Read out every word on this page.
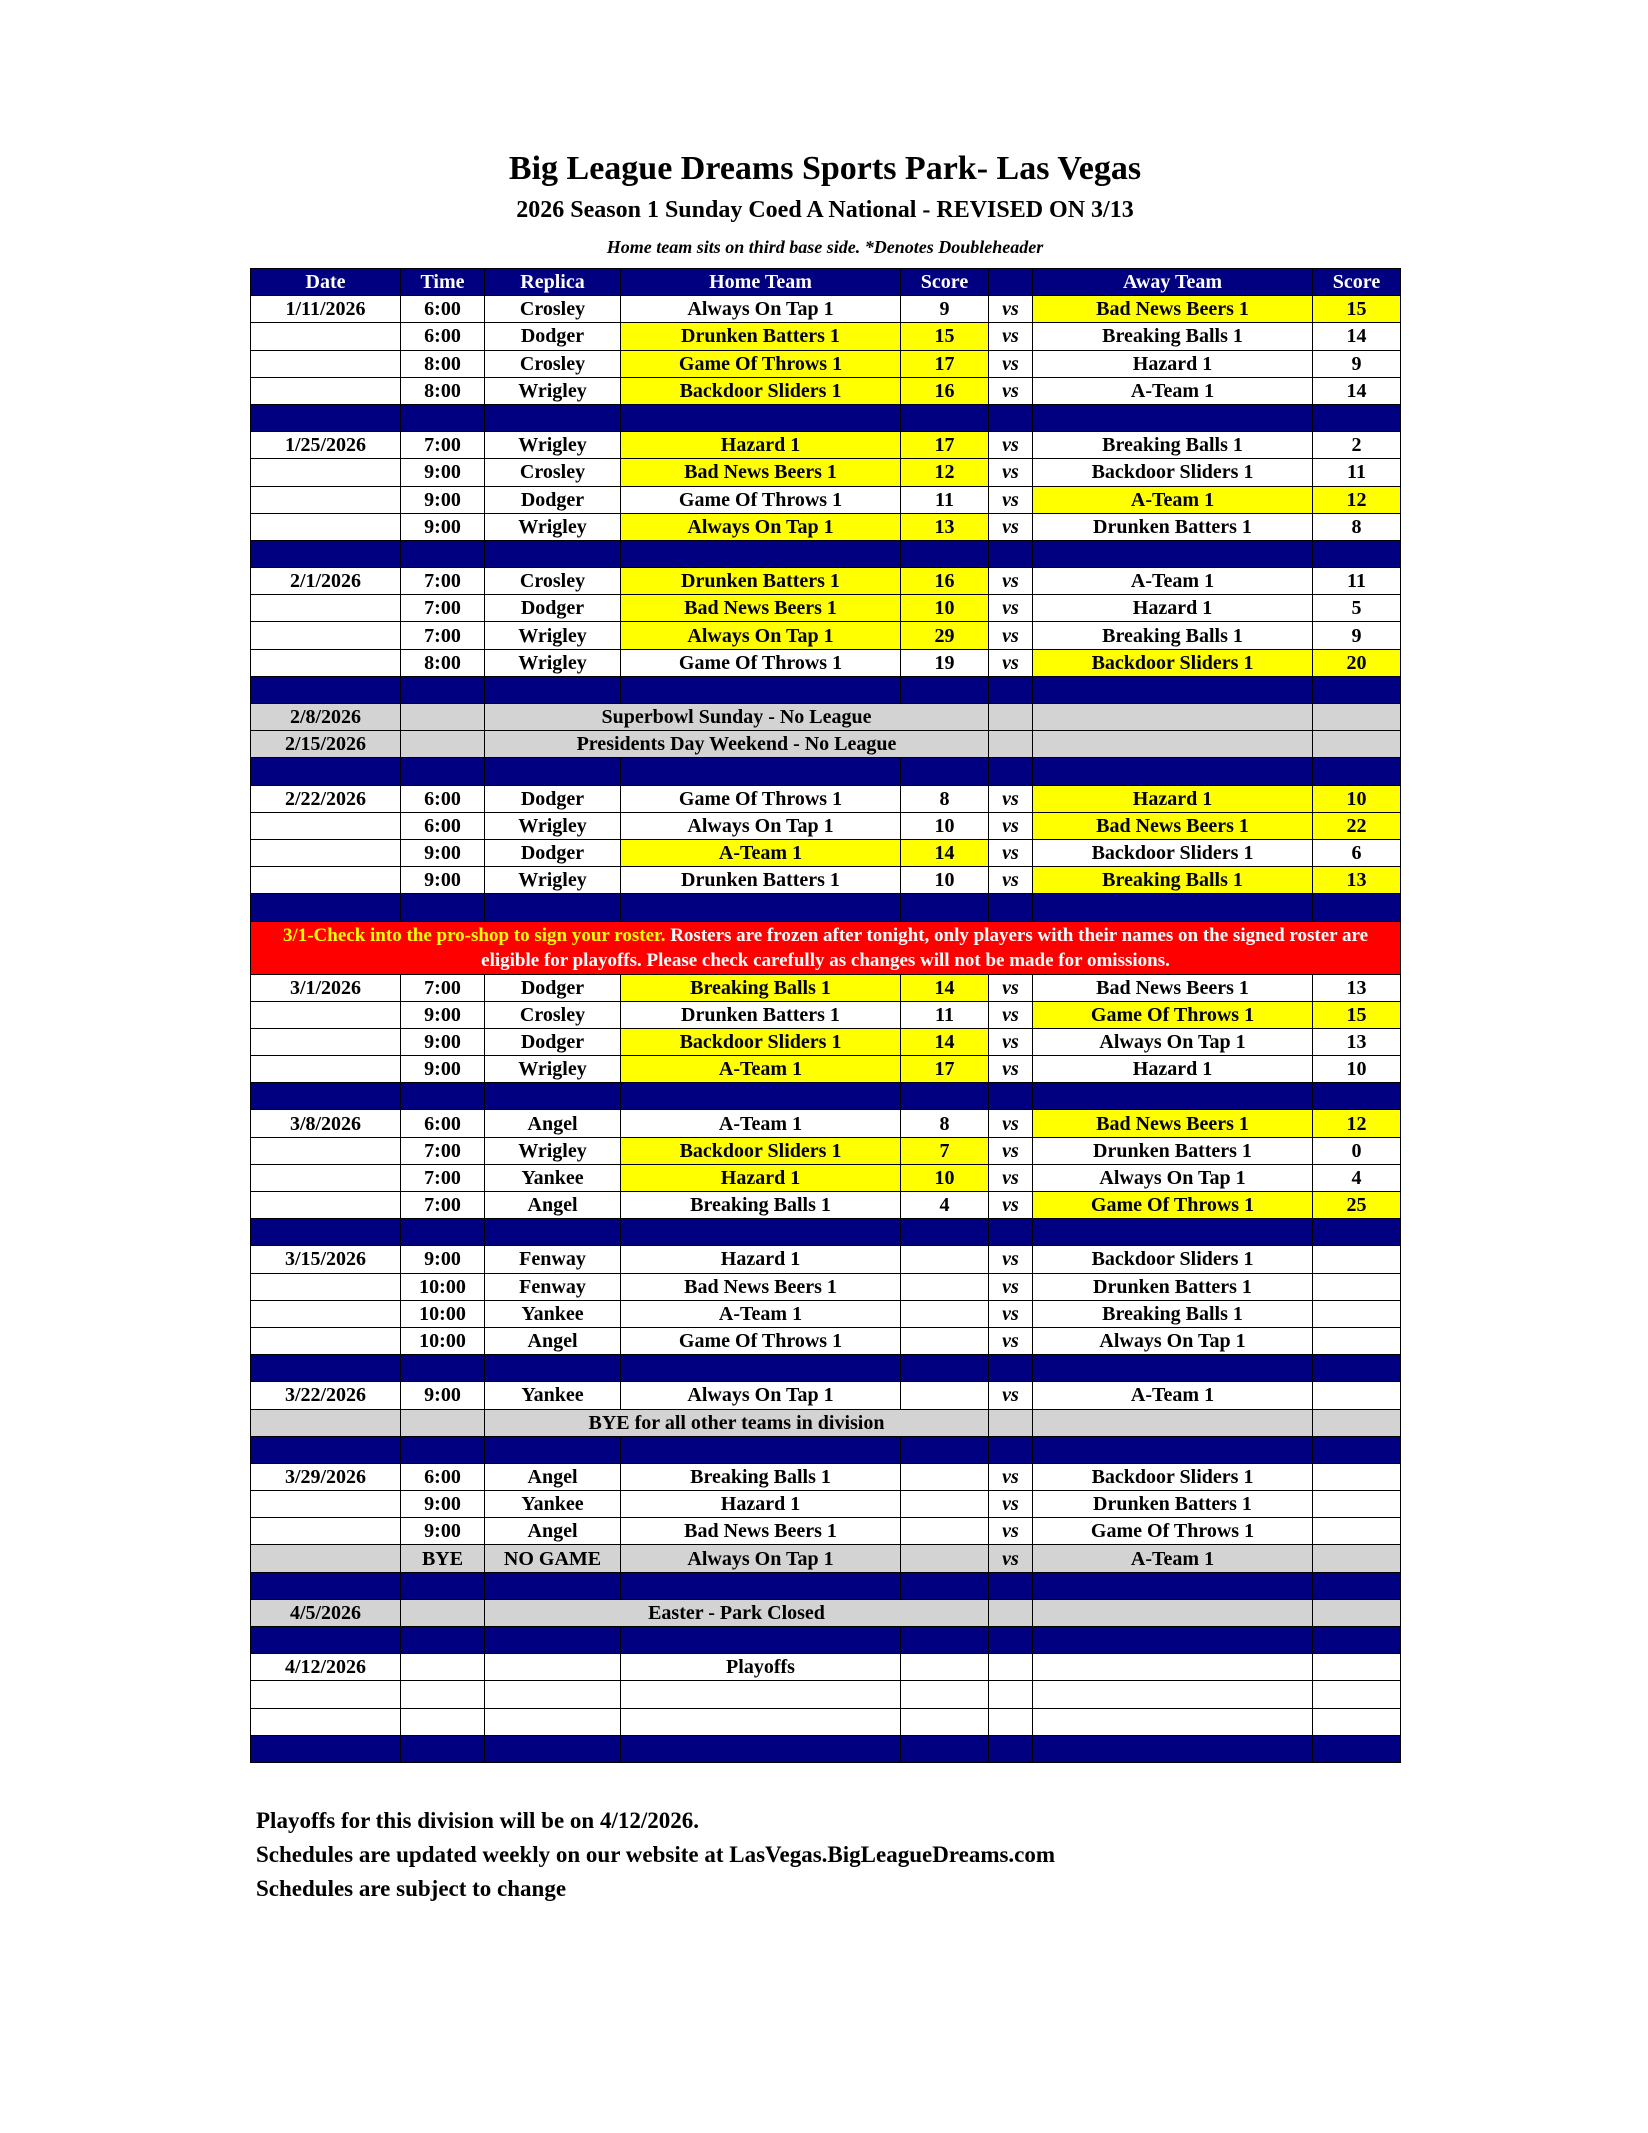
Big League Dreams Sports Park- Las Vegas
2026 Season 1 Sunday Coed A National - REVISED ON 3/13
Home team sits on third base side. *Denotes Doubleheader
Date	Time	Replica	Home Team	Score		Away Team	Score
1/11/2026	6:00	Crosley	Always On Tap 1	9	vs	Bad News Beers 1	15
	6:00	Dodger	Drunken Batters 1	15	vs	Breaking Balls 1	14
	8:00	Crosley	Game Of Throws 1	17	vs	Hazard 1	9
	8:00	Wrigley	Backdoor Sliders 1	16	vs	A-Team 1	14

1/25/2026	7:00	Wrigley	Hazard 1	17	vs	Breaking Balls 1	2
	9:00	Crosley	Bad News Beers 1	12	vs	Backdoor Sliders 1	11
	9:00	Dodger	Game Of Throws 1	11	vs	A-Team 1	12
	9:00	Wrigley	Always On Tap 1	13	vs	Drunken Batters 1	8

2/1/2026	7:00	Crosley	Drunken Batters 1	16	vs	A-Team 1	11
	7:00	Dodger	Bad News Beers 1	10	vs	Hazard 1	5
	7:00	Wrigley	Always On Tap 1	29	vs	Breaking Balls 1	9
	8:00	Wrigley	Game Of Throws 1	19	vs	Backdoor Sliders 1	20

2/8/2026		Superbowl Sunday - No League					
2/15/2026		Presidents Day Weekend - No League					

2/22/2026	6:00	Dodger	Game Of Throws 1	8	vs	Hazard 1	10
	6:00	Wrigley	Always On Tap 1	10	vs	Bad News Beers 1	22
	9:00	Dodger	A-Team 1	14	vs	Backdoor Sliders 1	6
	9:00	Wrigley	Drunken Batters 1	10	vs	Breaking Balls 1	13

3/1-Check into the pro-shop to sign your roster. Rosters are frozen after tonight, only players with their names on the signed roster are eligible for playoffs. Please check carefully as changes will not be made for omissions.							
3/1/2026	7:00	Dodger	Breaking Balls 1	14	vs	Bad News Beers 1	13
	9:00	Crosley	Drunken Batters 1	11	vs	Game Of Throws 1	15
	9:00	Dodger	Backdoor Sliders 1	14	vs	Always On Tap 1	13
	9:00	Wrigley	A-Team 1	17	vs	Hazard 1	10

3/8/2026	6:00	Angel	A-Team 1	8	vs	Bad News Beers 1	12
	7:00	Wrigley	Backdoor Sliders 1	7	vs	Drunken Batters 1	0
	7:00	Yankee	Hazard 1	10	vs	Always On Tap 1	4
	7:00	Angel	Breaking Balls 1	4	vs	Game Of Throws 1	25

3/15/2026	9:00	Fenway	Hazard 1		vs	Backdoor Sliders 1	
	10:00	Fenway	Bad News Beers 1		vs	Drunken Batters 1	
	10:00	Yankee	A-Team 1		vs	Breaking Balls 1	
	10:00	Angel	Game Of Throws 1		vs	Always On Tap 1	

3/22/2026	9:00	Yankee	Always On Tap 1		vs	A-Team 1	
		BYE for all other teams in division					

3/29/2026	6:00	Angel	Breaking Balls 1		vs	Backdoor Sliders 1	
	9:00	Yankee	Hazard 1		vs	Drunken Batters 1	
	9:00	Angel	Bad News Beers 1		vs	Game Of Throws 1	
	BYE	NO GAME	Always On Tap 1		vs	A-Team 1	

4/5/2026		Easter - Park Closed					

4/12/2026			Playoffs				

Playoffs for this division will be on 4/12/2026.
Schedules are updated weekly on our website at LasVegas.BigLeagueDreams.com
Schedules are subject to change
